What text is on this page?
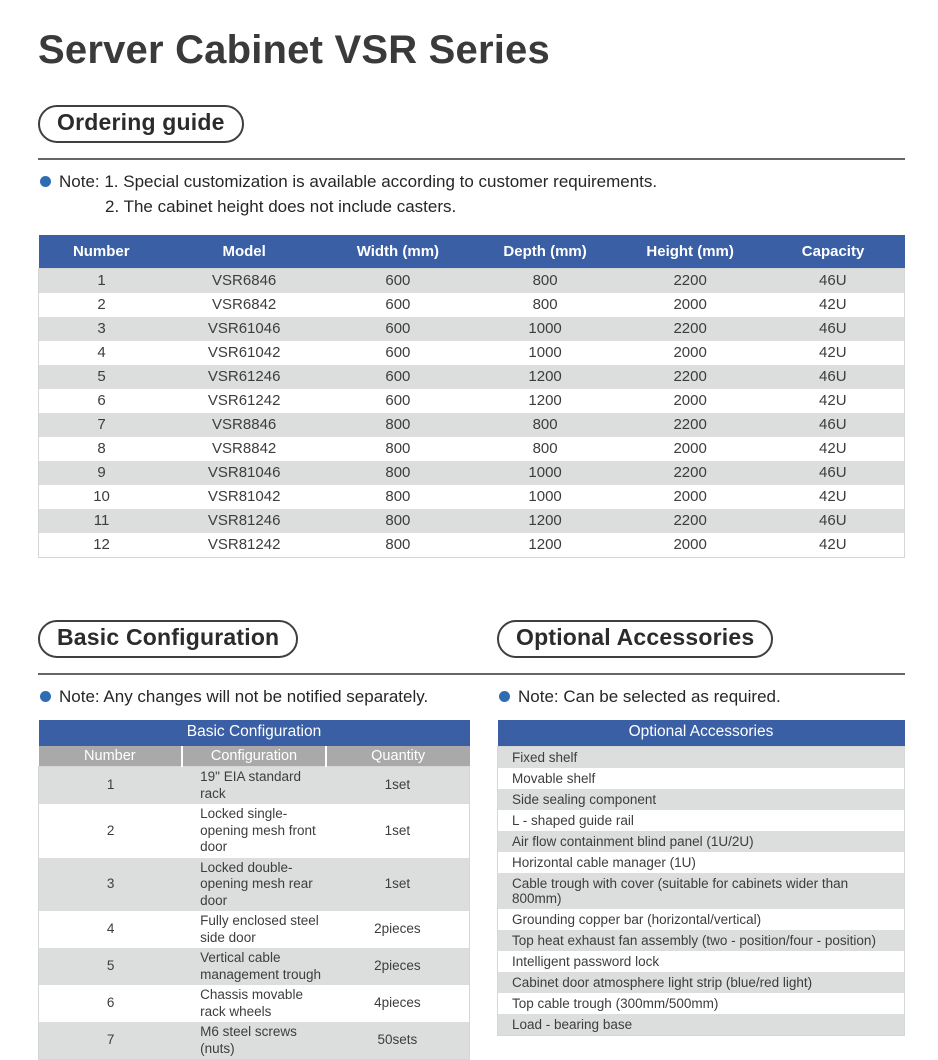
Server Cabinet VSR Series
Ordering guide
Note: 1. Special customization is available according to customer requirements.
2. The cabinet height does not include casters.
Number	Model	Width (mm)	Depth (mm)	Height (mm)	Capacity
1	VSR6846	600	800	2200	46U
2	VSR6842	600	800	2000	42U
3	VSR61046	600	1000	2200	46U
4	VSR61042	600	1000	2000	42U
5	VSR61246	600	1200	2200	46U
6	VSR61242	600	1200	2000	42U
7	VSR8846	800	800	2200	46U
8	VSR8842	800	800	2000	42U
9	VSR81046	800	1000	2200	46U
10	VSR81042	800	1000	2000	42U
11	VSR81246	800	1200	2200	46U
12	VSR81242	800	1200	2000	42U
Basic Configuration	Optional Accessories
Note: Any changes will not be notified separately.
Basic Configuration		
Number	Configuration	Quantity
1	19" EIA standard rack	1set
2	Locked single-opening mesh front door	1set
3	Locked double-opening mesh rear door	1set
4	Fully enclosed steel side door	2pieces
5	Vertical cable management trough	2pieces
6	Chassis movable rack wheels	4pieces
7	M6 steel screws (nuts)	50sets
Note: Can be selected as required.
Optional Accessories
Fixed shelf
Movable shelf
Side sealing component
L - shaped guide rail
Air flow containment blind panel (1U/2U)
Horizontal cable manager (1U)
Cable trough with cover (suitable for cabinets wider than 800mm)
Grounding copper bar (horizontal/vertical)
Top heat exhaust fan assembly (two - position/four - position)
Intelligent password lock
Cabinet door atmosphere light strip (blue/red light)
Top cable trough (300mm/500mm)
Load - bearing base
